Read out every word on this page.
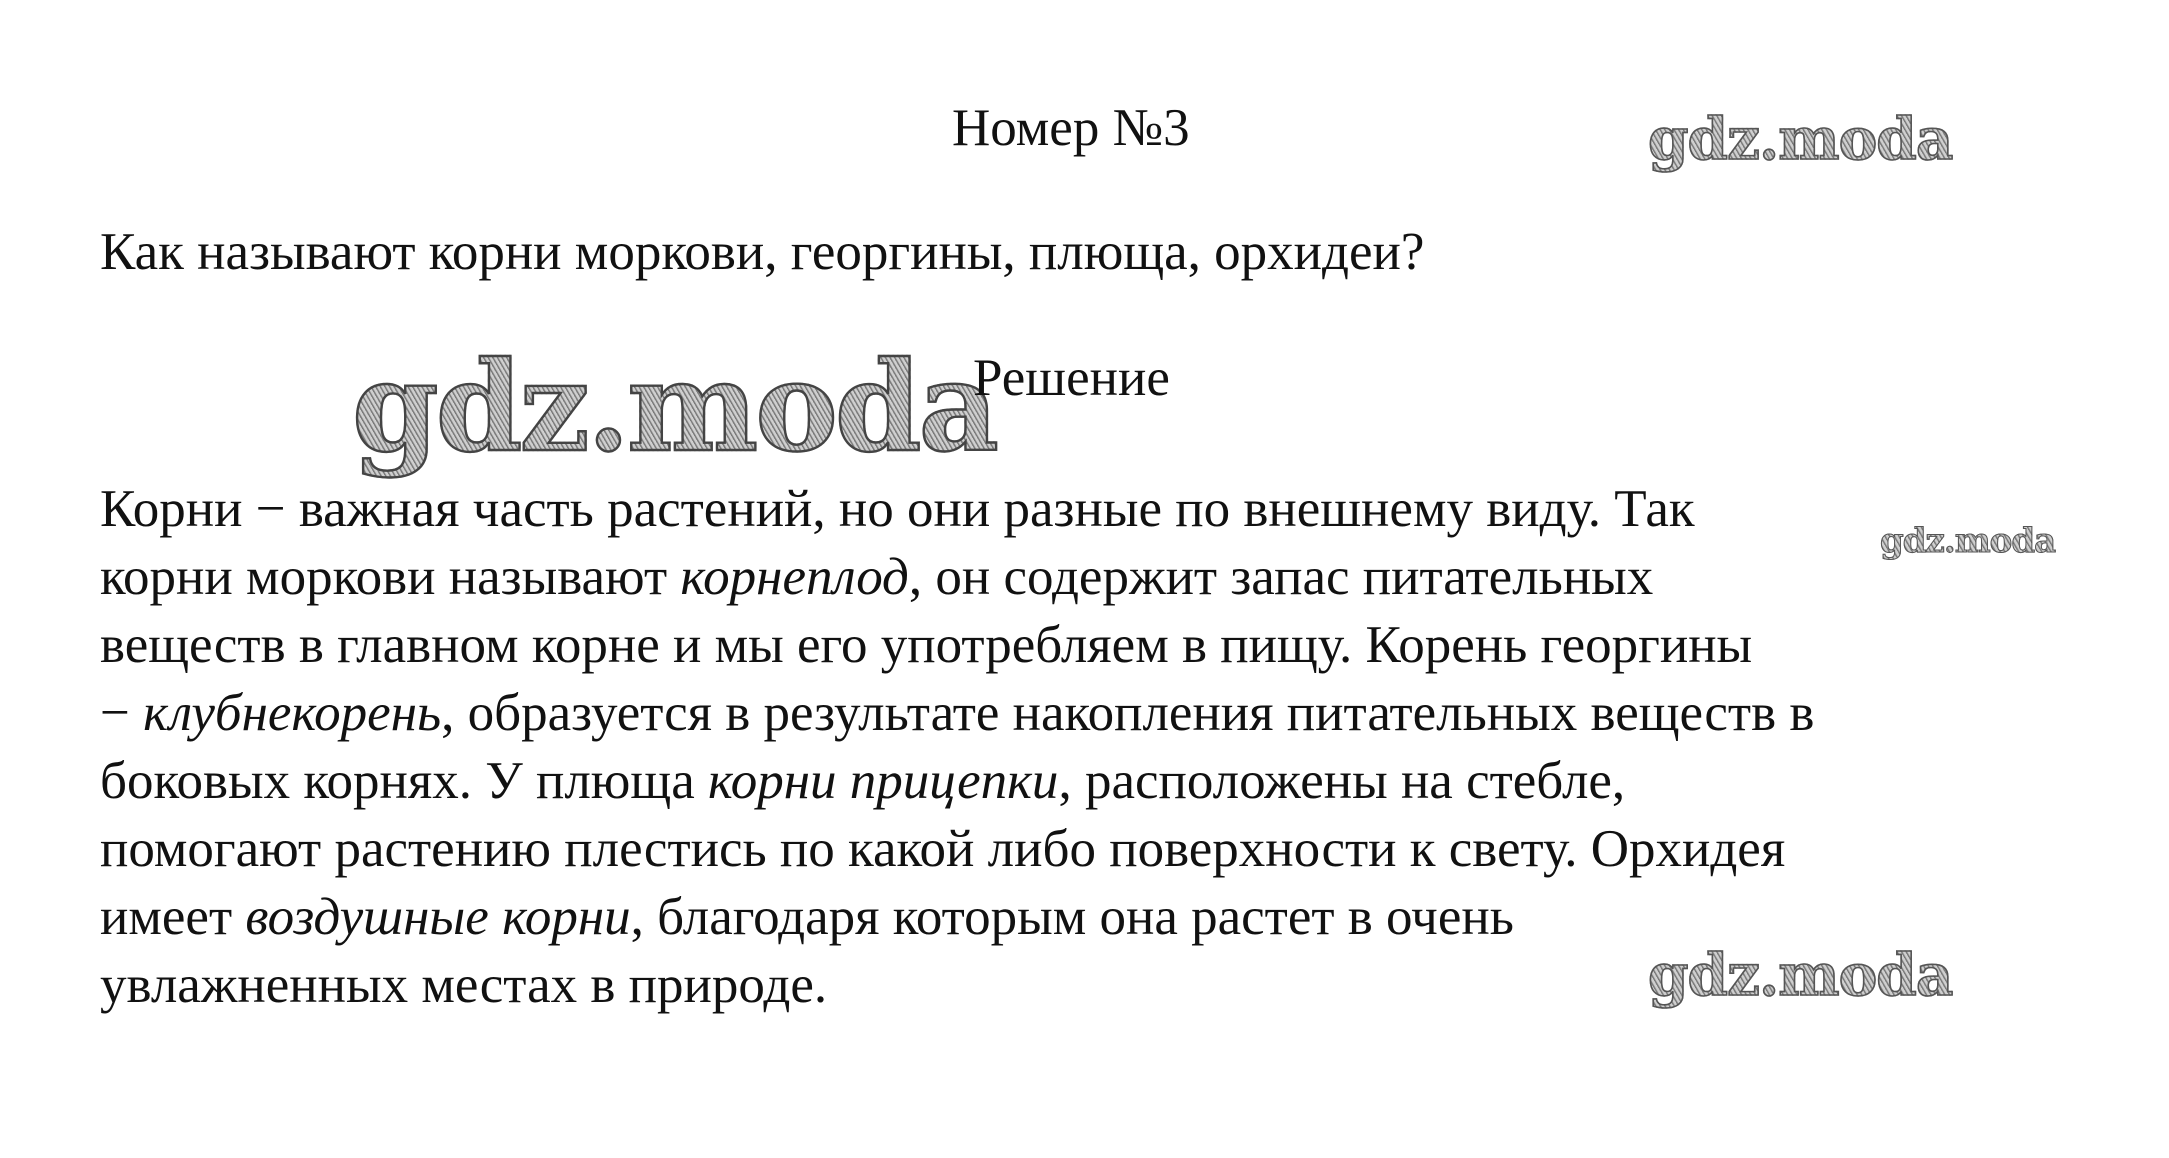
Номер №3	gdz.moda
Как называют корни моркови, георгины, плюща, орхидеи?
gdz.moda
Решение
gdz.moda
Корни − важная часть растений, но они разные по внешнему виду. Так
корни моркови называют корнеплод, он содержит запас питательных
веществ в главном корне и мы его употребляем в пищу. Корень георгины
− клубнекорень, образуется в результате накопления питательных веществ в
боковых корнях. У плюща корни прицепки, расположены на стебле,
помогают растению плестись по какой либо поверхности к свету. Орхидея
имеет воздушные корни, благодаря которым она растет в очень
увлажненных местах в природе.	gdz.moda
